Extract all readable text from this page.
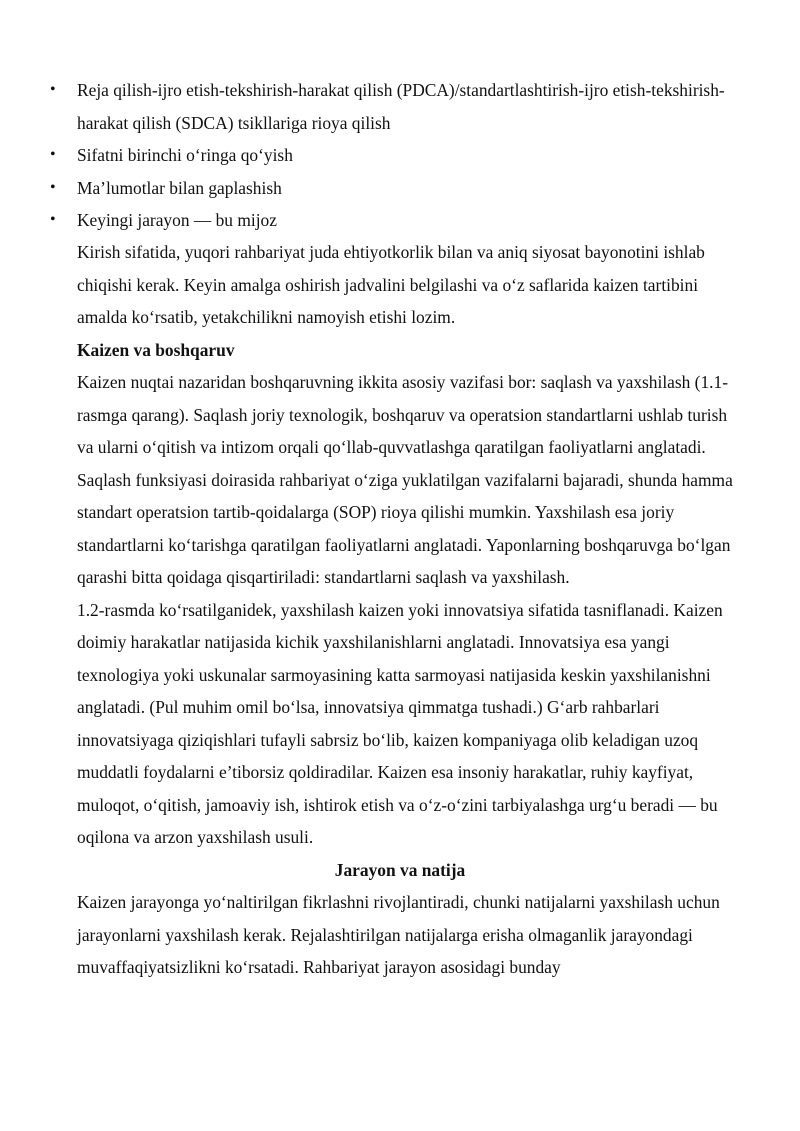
• Reja qilish-ijro etish-tekshirish-harakat qilish (PDCA)/standartlashtirish-ijro etish-tekshirish-harakat qilish (SDCA) tsikllariga rioya qilish
• Sifatni birinchi o‘ringa qo‘yish
• Ma’lumotlar bilan gaplashish
• Keyingi jarayon — bu mijoz

Kirish sifatida, yuqori rahbariyat juda ehtiyotkorlik bilan va aniq siyosat bayonotini ishlab chiqishi kerak. Keyin amalga oshirish jadvalini belgilashi va o‘z saflarida kaizen tartibini amalda ko‘rsatib, yetakchilikni namoyish etishi lozim.

Kaizen va boshqaruv

Kaizen nuqtai nazaridan boshqaruvning ikkita asosiy vazifasi bor: saqlash va yaxshilash (1.1-rasmga qarang). Saqlash joriy texnologik, boshqaruv va operatsion standartlarni ushlab turish va ularni o‘qitish va intizom orqali qo‘llab-quvvatlashga qaratilgan faoliyatlarni anglatadi. Saqlash funksiyasi doirasida rahbariyat o‘ziga yuklatilgan vazifalarni bajaradi, shunda hamma standart operatsion tartib-qoidalarga (SOP) rioya qilishi mumkin. Yaxshilash esa joriy standartlarni ko‘tarishga qaratilgan faoliyatlarni anglatadi. Yaponlarning boshqaruvga bo‘lgan qarashi bitta qoidaga qisqartiriladi: standartlarni saqlash va yaxshilash.

1.2-rasmda ko‘rsatilganidek, yaxshilash kaizen yoki innovatsiya sifatida tasniflanadi. Kaizen doimiy harakatlar natijasida kichik yaxshilanishlarni anglatadi. Innovatsiya esa yangi texnologiya yoki uskunalar sarmoyasining katta sarmoyasi natijasida keskin yaxshilanishni anglatadi. (Pul muhim omil bo‘lsa, innovatsiya qimmatga tushadi.) G‘arb rahbarlari innovatsiyaga qiziqishlari tufayli sabrsiz bo‘lib, kaizen kompaniyaga olib keladigan uzoq muddatli foydalarni e’tiborsiz qoldiradilar. Kaizen esa insoniy harakatlar, ruhiy kayfiyat, muloqot, o‘qitish, jamoaviy ish, ishtirok etish va o‘z-o‘zini tarbiyalashga urg‘u beradi — bu oqilona va arzon yaxshilash usuli.

Jarayon va natija

Kaizen jarayonga yo‘naltirilgan fikrlashni rivojlantiradi, chunki natijalarni yaxshilash uchun jarayonlarni yaxshilash kerak. Rejalashtirilgan natijalarga erisha olmaganlik jarayondagi muvaffaqiyatsizlikni ko‘rsatadi. Rahbariyat jarayon asosidagi bunday
